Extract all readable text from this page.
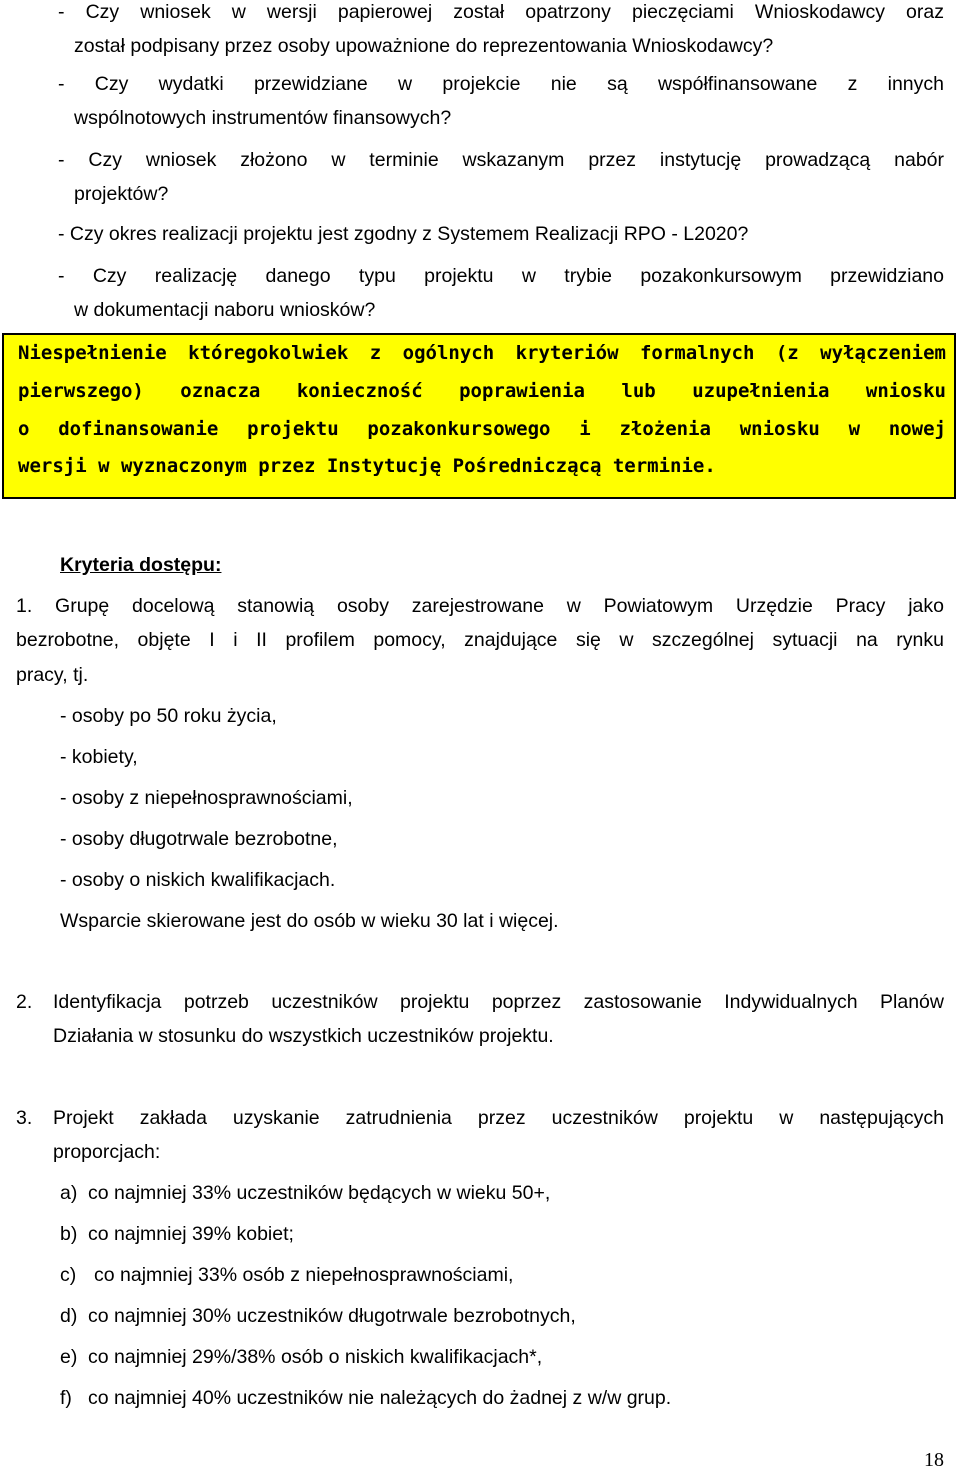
- Czy wniosek w wersji papierowej został opatrzony pieczęciami Wnioskodawcy oraz
został podpisany przez osoby upoważnione do reprezentowania Wnioskodawcy?
- Czy wydatki przewidziane w projekcie nie są współfinansowane z innych
wspólnotowych instrumentów finansowych?
- Czy wniosek złożono w terminie wskazanym przez instytucję prowadzącą nabór
projektów?
- Czy okres realizacji projektu jest zgodny z Systemem Realizacji RPO - L2020?
- Czy realizację danego typu projektu w trybie pozakonkursowym przewidziano
w dokumentacji naboru wniosków?
Niespełnienie któregokolwiek z ogólnych kryteriów formalnych (z wyłączeniem
pierwszego) oznacza konieczność poprawienia lub uzupełnienia wniosku
o dofinansowanie projektu pozakonkursowego i złożenia wniosku w nowej
wersji w wyznaczonym przez Instytucję Pośredniczącą terminie.
Kryteria dostępu:
1. Grupę docelową stanowią osoby zarejestrowane w Powiatowym Urzędzie Pracy jako
bezrobotne, objęte I i II profilem pomocy, znajdujące się w szczególnej sytuacji na rynku
pracy, tj.
- osoby po 50 roku życia,
- kobiety,
- osoby z niepełnosprawnościami,
- osoby długotrwale bezrobotne,
- osoby o niskich kwalifikacjach.
Wsparcie skierowane jest do osób w wieku 30 lat i więcej.
2. Identyfikacja potrzeb uczestników projektu poprzez zastosowanie Indywidualnych Planów
Działania w stosunku do wszystkich uczestników projektu.
3. Projekt zakłada uzyskanie zatrudnienia przez uczestników projektu w następujących
proporcjach:
a) co najmniej 33% uczestników będących w wieku 50+,
b) co najmniej 39% kobiet;
c) co najmniej 33% osób z niepełnosprawnościami,
d) co najmniej 30% uczestników długotrwale bezrobotnych,
e) co najmniej 29%/38% osób o niskich kwalifikacjach*,
f) co najmniej 40% uczestników nie należących do żadnej z w/w grup.
18
